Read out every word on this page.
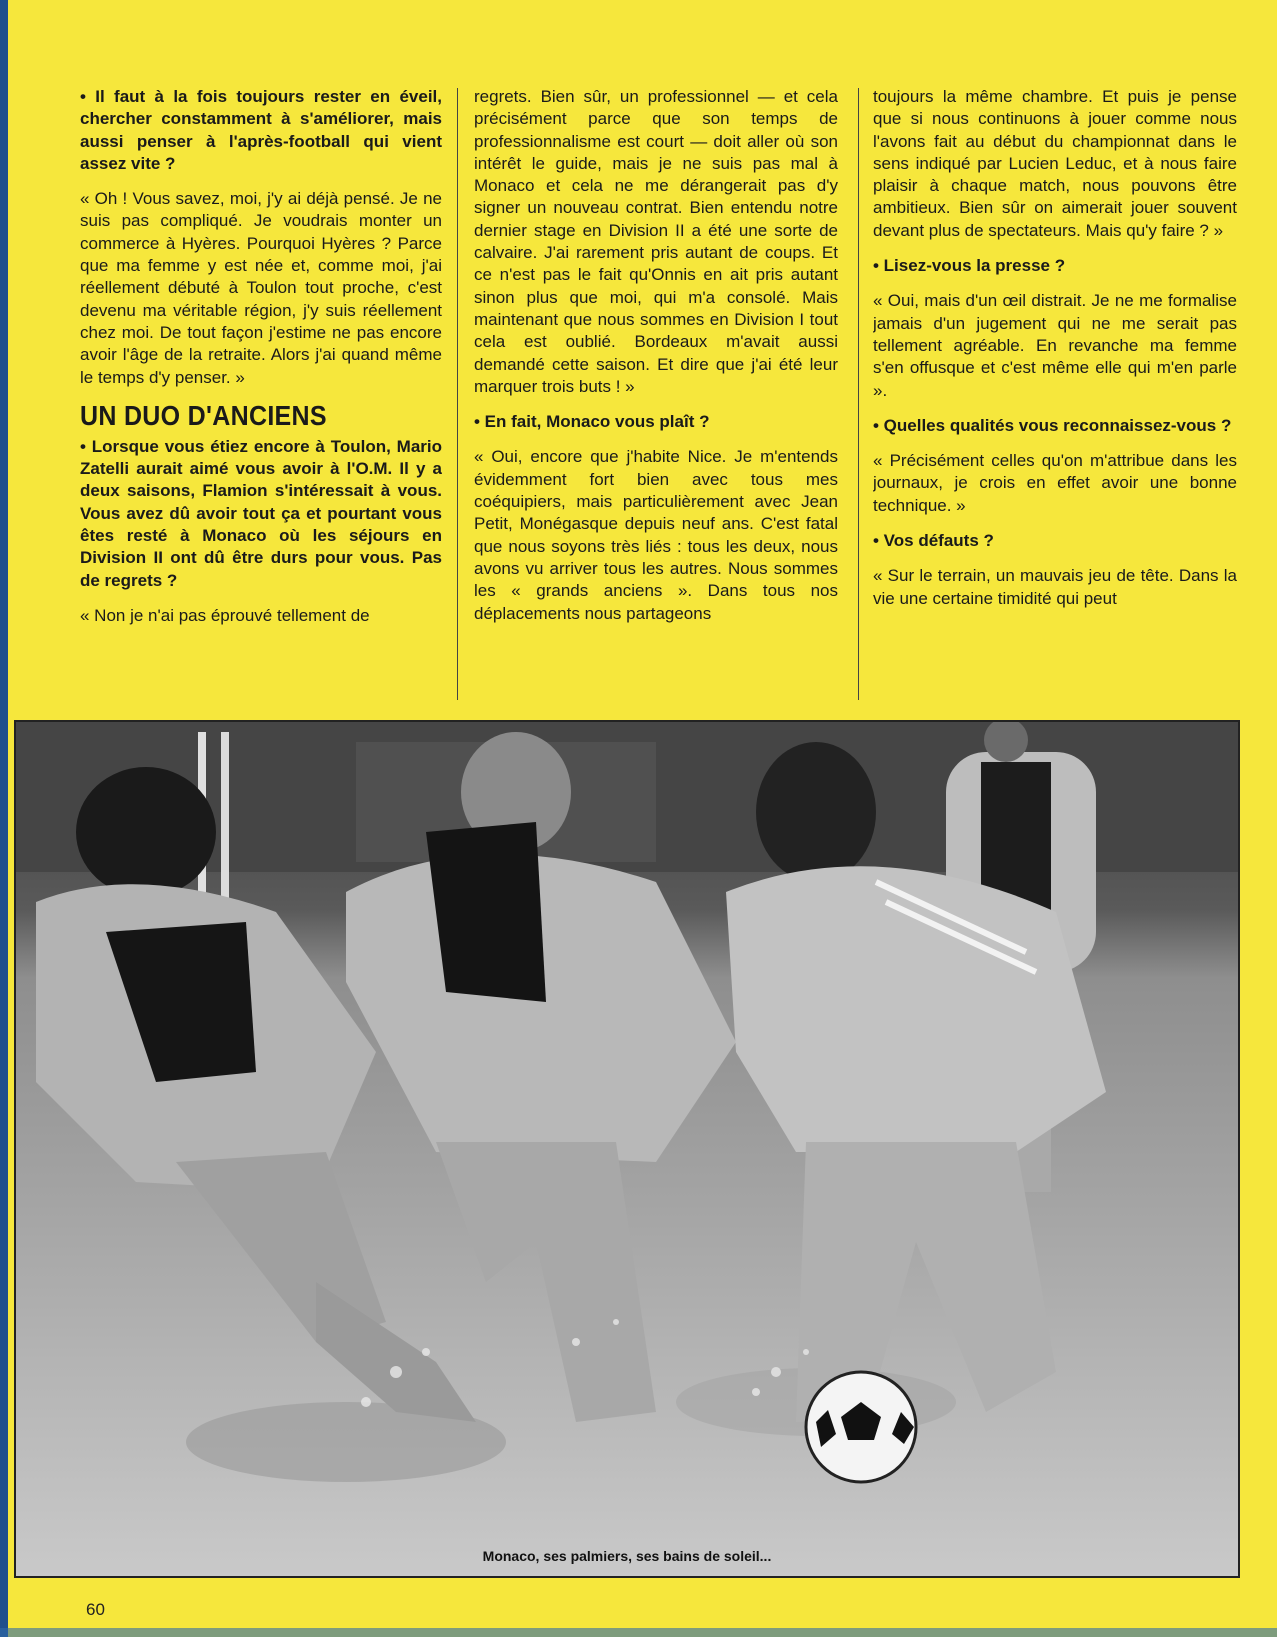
• Il faut à la fois toujours rester en éveil, chercher constamment à s'améliorer, mais aussi penser à l'après-football qui vient assez vite ?

« Oh ! Vous savez, moi, j'y ai déjà pensé. Je ne suis pas compliqué. Je voudrais monter un commerce à Hyères. Pourquoi Hyères ? Parce que ma femme y est née et, comme moi, j'ai réellement débuté à Toulon tout proche, c'est devenu ma véritable région, j'y suis réellement chez moi. De tout façon j'estime ne pas encore avoir l'âge de la retraite. Alors j'ai quand même le temps d'y penser. »

UN DUO D'ANCIENS

• Lorsque vous étiez encore à Toulon, Mario Zatelli aurait aimé vous avoir à l'O.M. Il y a deux saisons, Flamion s'intéressait à vous. Vous avez dû avoir tout ça et pourtant vous êtes resté à Monaco où les séjours en Division II ont dû être durs pour vous. Pas de regrets ?

« Non je n'ai pas éprouvé tellement de

regrets. Bien sûr, un professionnel — et cela précisément parce que son temps de professionnalisme est court — doit aller où son intérêt le guide, mais je ne suis pas mal à Monaco et cela ne me dérangerait pas d'y signer un nouveau contrat. Bien entendu notre dernier stage en Division II a été une sorte de calvaire. J'ai rarement pris autant de coups. Et ce n'est pas le fait qu'Onnis en ait pris autant sinon plus que moi, qui m'a consolé. Mais maintenant que nous sommes en Division I tout cela est oublié. Bordeaux m'avait aussi demandé cette saison. Et dire que j'ai été leur marquer trois buts ! »

• En fait, Monaco vous plaît ?

« Oui, encore que j'habite Nice. Je m'entends évidemment fort bien avec tous mes coéquipiers, mais particulièrement avec Jean Petit, Monégasque depuis neuf ans. C'est fatal que nous soyons très liés : tous les deux, nous avons vu arriver tous les autres. Nous sommes les « grands anciens ». Dans tous nos déplacements nous partageons

toujours la même chambre. Et puis je pense que si nous continuons à jouer comme nous l'avons fait au début du championnat dans le sens indiqué par Lucien Leduc, et à nous faire plaisir à chaque match, nous pouvons être ambitieux. Bien sûr on aimerait jouer souvent devant plus de spectateurs. Mais qu'y faire ? »

• Lisez-vous la presse ?

« Oui, mais d'un œil distrait. Je ne me formalise jamais d'un jugement qui ne me serait pas tellement agréable. En revanche ma femme s'en offusque et c'est même elle qui m'en parle ».

• Quelles qualités vous reconnaissez-vous ?

« Précisément celles qu'on m'attribue dans les journaux, je crois en effet avoir une bonne technique. »

• Vos défauts ?

« Sur le terrain, un mauvais jeu de tête. Dans la vie une certaine timidité qui peut

Monaco, ses palmiers, ses bains de soleil...
60
